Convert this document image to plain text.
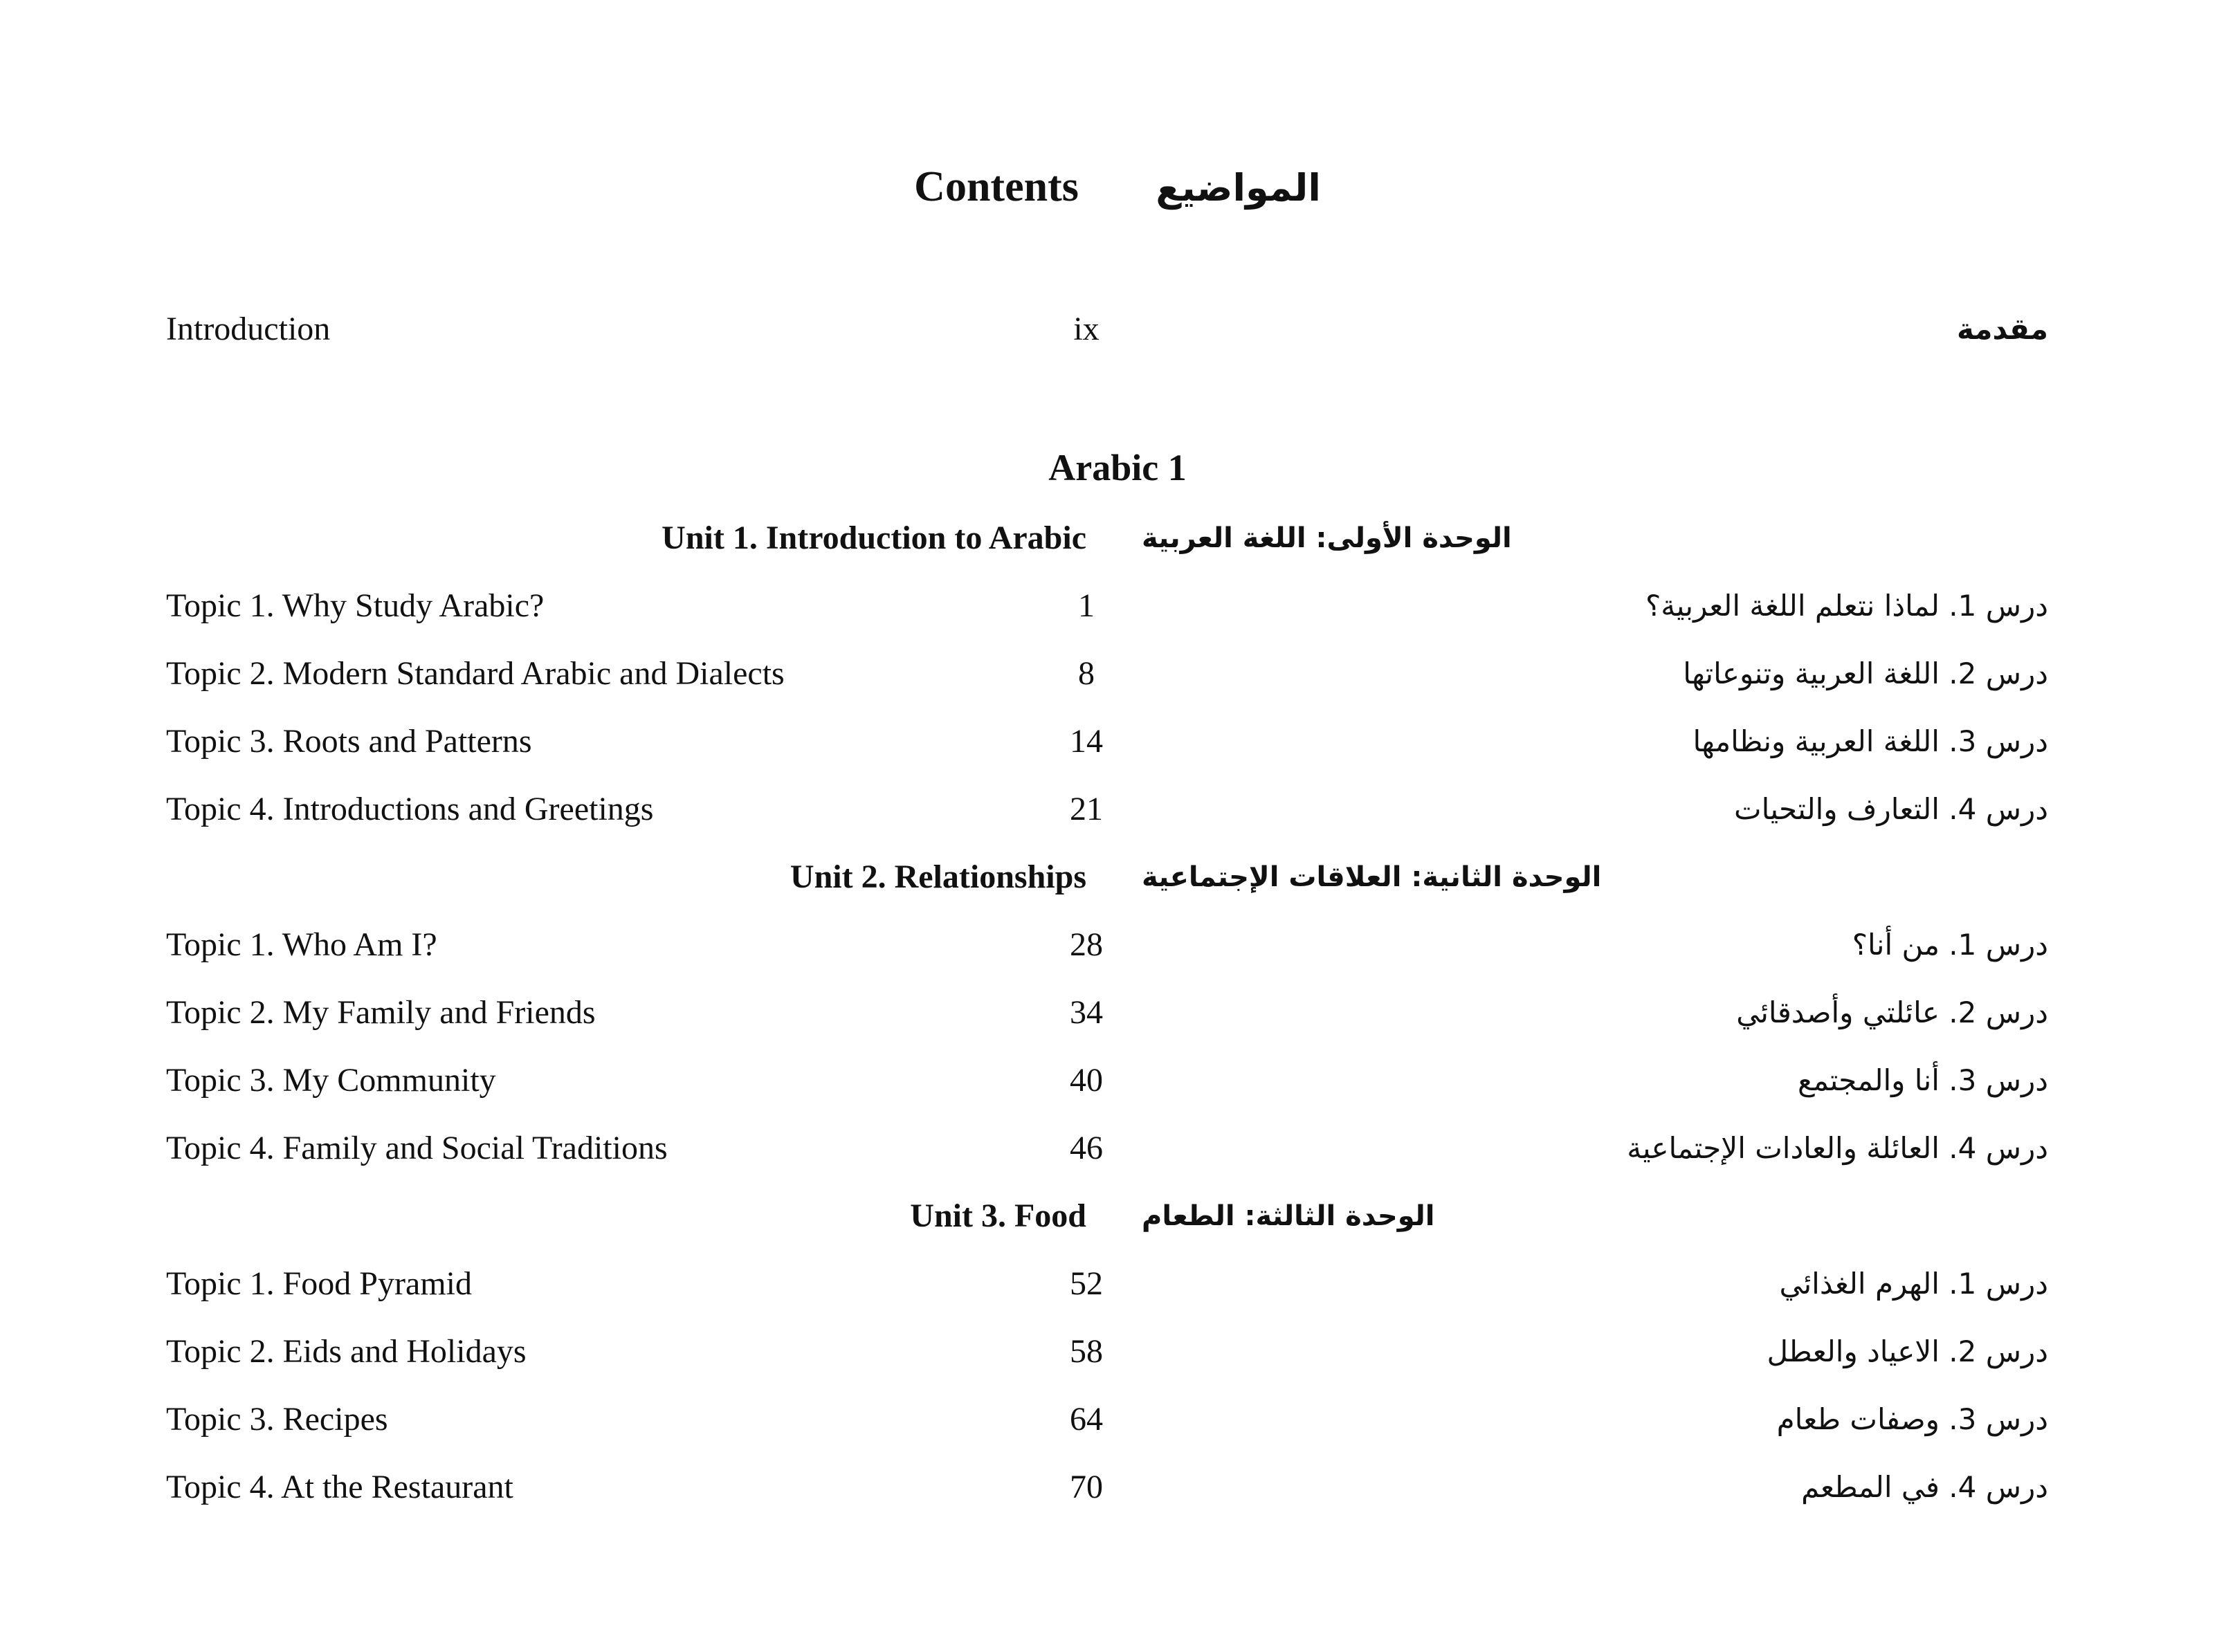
Contents المواضيع
Introduction	ix	مقدمة
Arabic 1
Unit 1. Introduction to Arabic الوحدة الأولى: اللغة العربية
Topic 1. Why Study Arabic?	1	درس 1. لماذا نتعلم اللغة العربية؟
Topic 2. Modern Standard Arabic and Dialects	8	درس 2. اللغة العربية وتنوعاتها
Topic 3. Roots and Patterns	14	درس 3. اللغة العربية ونظامها
Topic 4. Introductions and Greetings	21	درس 4. التعارف والتحيات
Unit 2. Relationships الوحدة الثانية: العلاقات الإجتماعية
Topic 1. Who Am I?	28	درس 1. من أنا؟
Topic 2. My Family and Friends	34	درس 2. عائلتي وأصدقائي
Topic 3. My Community	40	درس 3. أنا والمجتمع
Topic 4. Family and Social Traditions	46	درس 4. العائلة والعادات الإجتماعية
Unit 3. Food الوحدة الثالثة: الطعام
Topic 1. Food Pyramid	52	درس 1. الهرم الغذائي
Topic 2. Eids and Holidays	58	درس 2. الاعياد والعطل
Topic 3. Recipes	64	درس 3. وصفات طعام
Topic 4. At the Restaurant	70	درس 4. في المطعم
